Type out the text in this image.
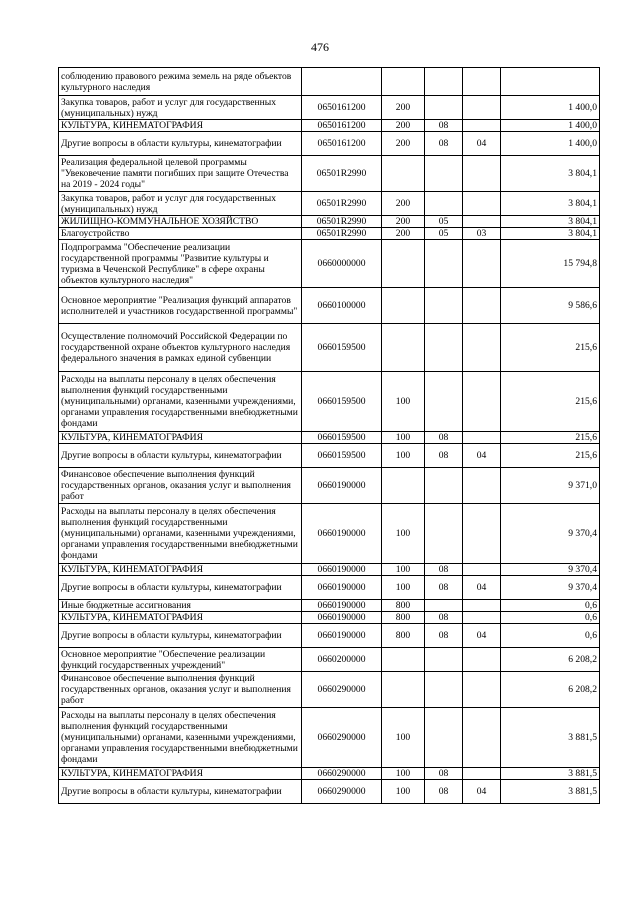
476
соблюдению правового режима земель на ряде объектов культурного наследия					
Закупка товаров, работ и услуг для государственных (муниципальных) нужд	0650161200	200			1 400,0
КУЛЬТУРА, КИНЕМАТОГРАФИЯ	0650161200	200	08		1 400,0
Другие вопросы в области культуры, кинематографии	0650161200	200	08	04	1 400,0
Реализация федеральной целевой программы "Увековечение памяти погибших при защите Отечества на 2019 - 2024 годы"	06501R2990				3 804,1
Закупка товаров, работ и услуг для государственных (муниципальных) нужд	06501R2990	200			3 804,1
ЖИЛИЩНО-КОММУНАЛЬНОЕ ХОЗЯЙСТВО	06501R2990	200	05		3 804,1
Благоустройство	06501R2990	200	05	03	3 804,1
Подпрограмма "Обеспечение реализации государственной программы "Развитие культуры и туризма в Чеченской Республике" в сфере охраны объектов культурного наследия"	0660000000				15 794,8
Основное мероприятие "Реализация функций аппаратов исполнителей и участников государственной программы"	0660100000				9 586,6
Осуществление полномочий Российской Федерации по государственной охране объектов культурного наследия федерального значения в рамках единой субвенции	0660159500				215,6
Расходы на выплаты персоналу в целях обеспечения выполнения функций государственными (муниципальными) органами, казенными учреждениями, органами управления государственными внебюджетными фондами	0660159500	100			215,6
КУЛЬТУРА, КИНЕМАТОГРАФИЯ	0660159500	100	08		215,6
Другие вопросы в области культуры, кинематографии	0660159500	100	08	04	215,6
Финансовое обеспечение выполнения функций государственных органов, оказания услуг и выполнения работ	0660190000				9 371,0
Расходы на выплаты персоналу в целях обеспечения выполнения функций государственными (муниципальными) органами, казенными учреждениями, органами управления государственными внебюджетными фондами	0660190000	100			9 370,4
КУЛЬТУРА, КИНЕМАТОГРАФИЯ	0660190000	100	08		9 370,4
Другие вопросы в области культуры, кинематографии	0660190000	100	08	04	9 370,4
Иные бюджетные ассигнования	0660190000	800			0,6
КУЛЬТУРА, КИНЕМАТОГРАФИЯ	0660190000	800	08		0,6
Другие вопросы в области культуры, кинематографии	0660190000	800	08	04	0,6
Основное мероприятие "Обеспечение реализации функций государственных учреждений"	0660200000				6 208,2
Финансовое обеспечение выполнения функций государственных органов, оказания услуг и выполнения работ	0660290000				6 208,2
Расходы на выплаты персоналу в целях обеспечения выполнения функций государственными (муниципальными) органами, казенными учреждениями, органами управления государственными внебюджетными фондами	0660290000	100			3 881,5
КУЛЬТУРА, КИНЕМАТОГРАФИЯ	0660290000	100	08		3 881,5
Другие вопросы в области культуры, кинематографии	0660290000	100	08	04	3 881,5
